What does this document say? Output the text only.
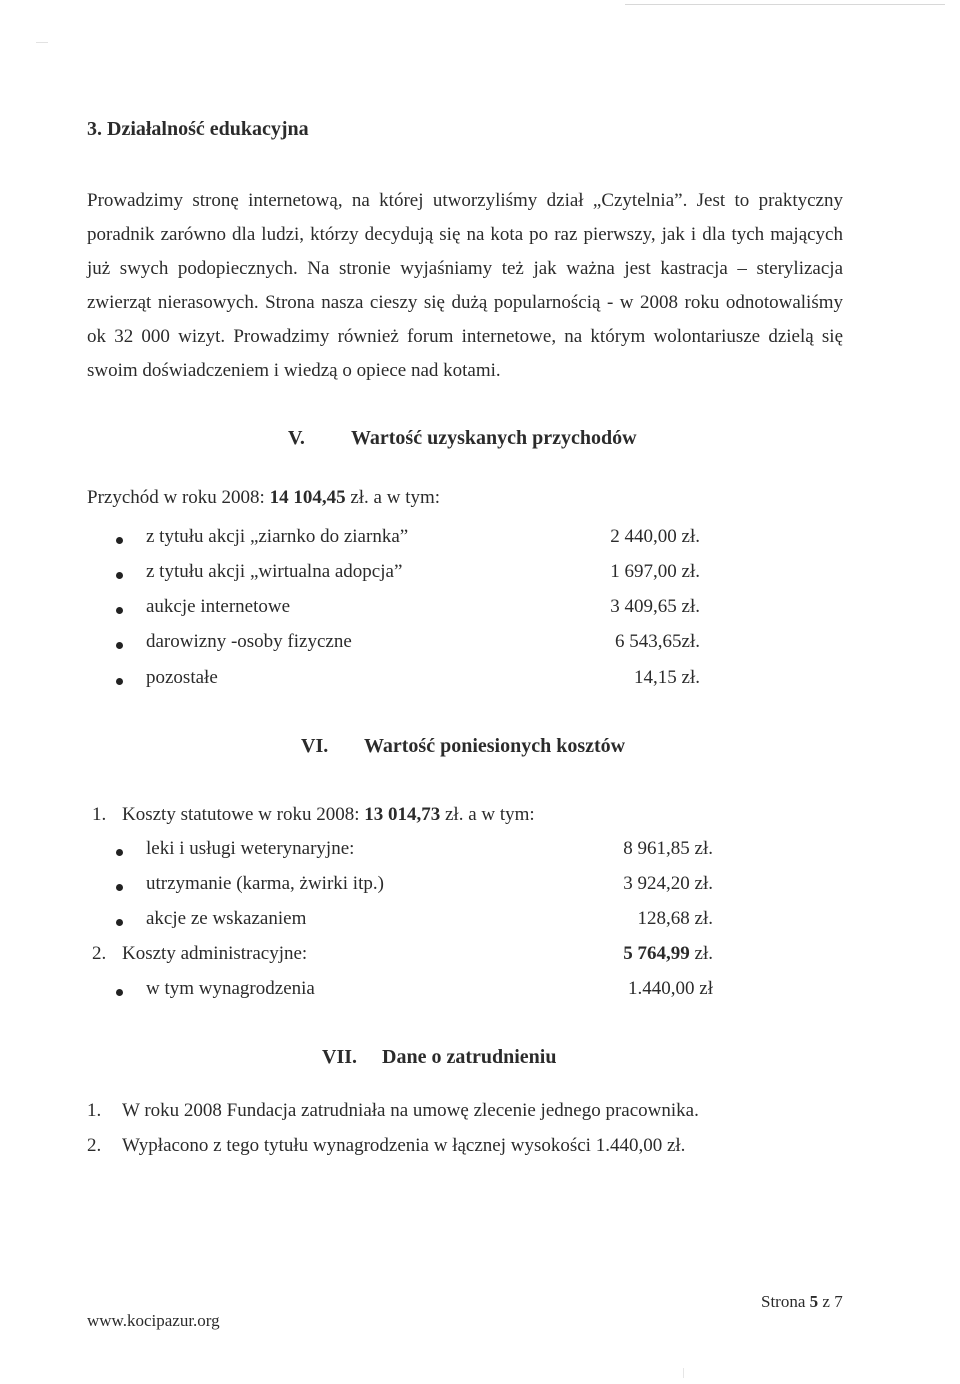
3. Działalność edukacyjna
Prowadzimy stronę internetową, na której utworzyliśmy dział „Czytelnia”. Jest to praktyczny poradnik zarówno dla ludzi, którzy decydują się na kota po raz pierwszy, jak i dla tych mających już swych podopiecznych. Na stronie wyjaśniamy też jak ważna jest kastracja – sterylizacja zwierząt nierasowych. Strona nasza cieszy się dużą popularnością - w 2008 roku odnotowaliśmy ok 32 000 wizyt. Prowadzimy również forum internetowe, na którym wolontariusze dzielą się swoim doświadczeniem i wiedzą o opiece nad kotami.
V. Wartość uzyskanych przychodów
Przychód w roku 2008: 14 104,45 zł. a w tym:
z tytułu akcji „ziarnko do ziarnka”	2 440,00 zł.
z tytułu akcji „wirtualna adopcja”	1 697,00 zł.
aukcje internetowe	3 409,65 zł.
darowizny -osoby fizyczne	6 543,65zł.
pozostałe	14,15 zł.
VI. Wartość poniesionych kosztów
1. Koszty statutowe w roku 2008: 13 014,73 zł. a w tym:
leki i usługi weterynaryjne:	8 961,85 zł.
utrzymanie (karma, żwirki itp.)	3 924,20 zł.
akcje ze wskazaniem	128,68 zł.
2. Koszty administracyjne:	5 764,99 zł.
w tym wynagrodzenia	1.440,00 zł
VII. Dane o zatrudnieniu
1. W roku 2008 Fundacja zatrudniała na umowę zlecenie jednego pracownika.
2. Wypłacono z tego tytułu wynagrodzenia w łącznej wysokości 1.440,00 zł.
www.kocipazur.org
Strona 5 z 7
